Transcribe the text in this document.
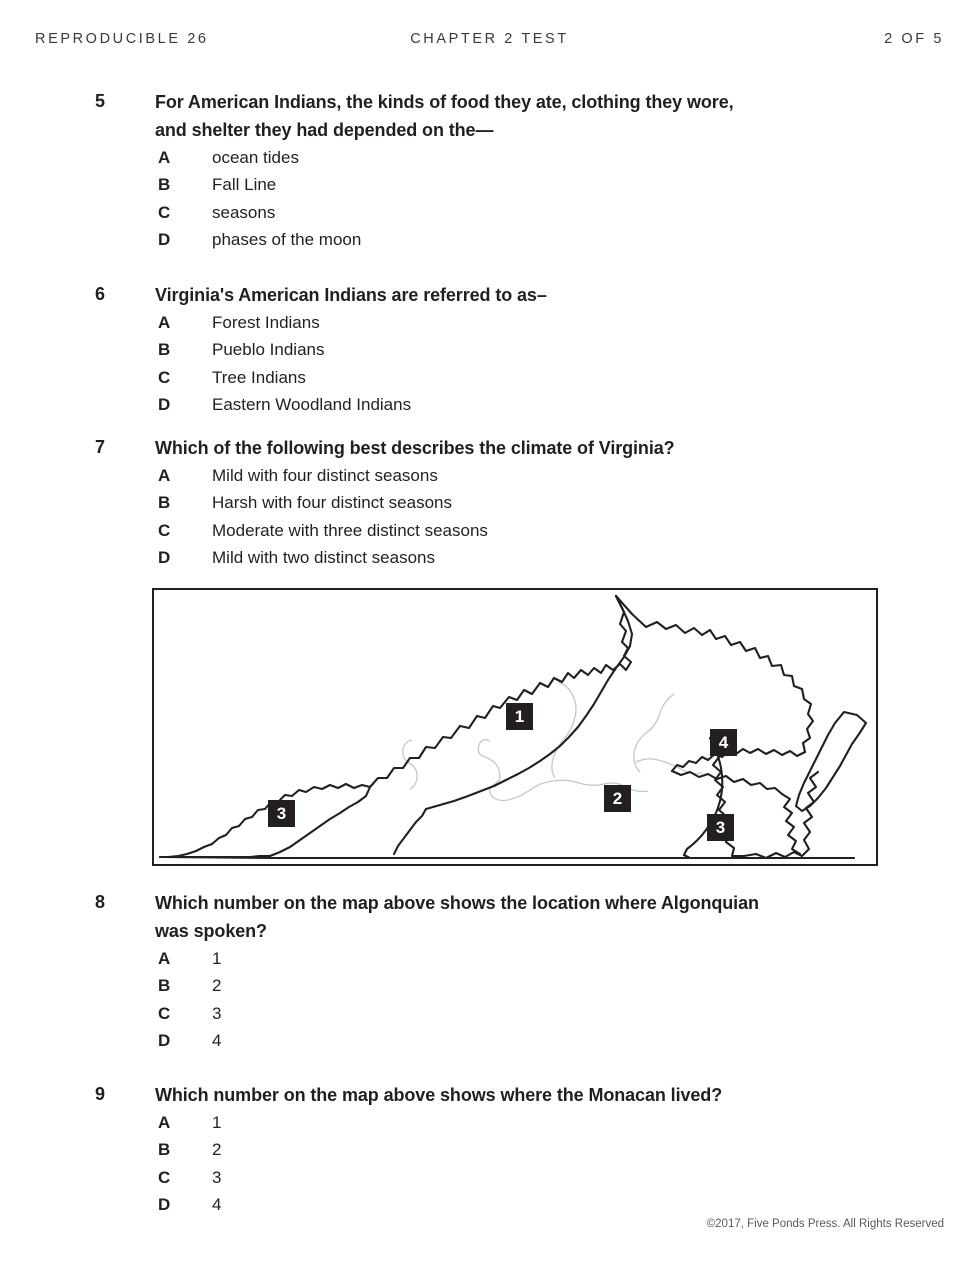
REPRODUCIBLE 26	CHAPTER 2 TEST	2 OF 5
5	For American Indians, the kinds of food they ate, clothing they wore,
and shelter they had depended on the—
A ocean tides
B Fall Line
C seasons
D phases of the moon
6	Virginia's American Indians are referred to as–
A Forest Indians
B Pueblo Indians
C Tree Indians
D Eastern Woodland Indians
7	Which of the following best describes the climate of Virginia?
A Mild with four distinct seasons
B Harsh with four distinct seasons
C Moderate with three distinct seasons
D Mild with two distinct seasons
1
2
3
4
3
8	Which number on the map above shows the location where Algonquian
was spoken?
A 1
B 2
C 3
D 4
9	Which number on the map above shows where the Monacan lived?
A 1
B 2
C 3
D 4
©2017, Five Ponds Press. All Rights Reserved
